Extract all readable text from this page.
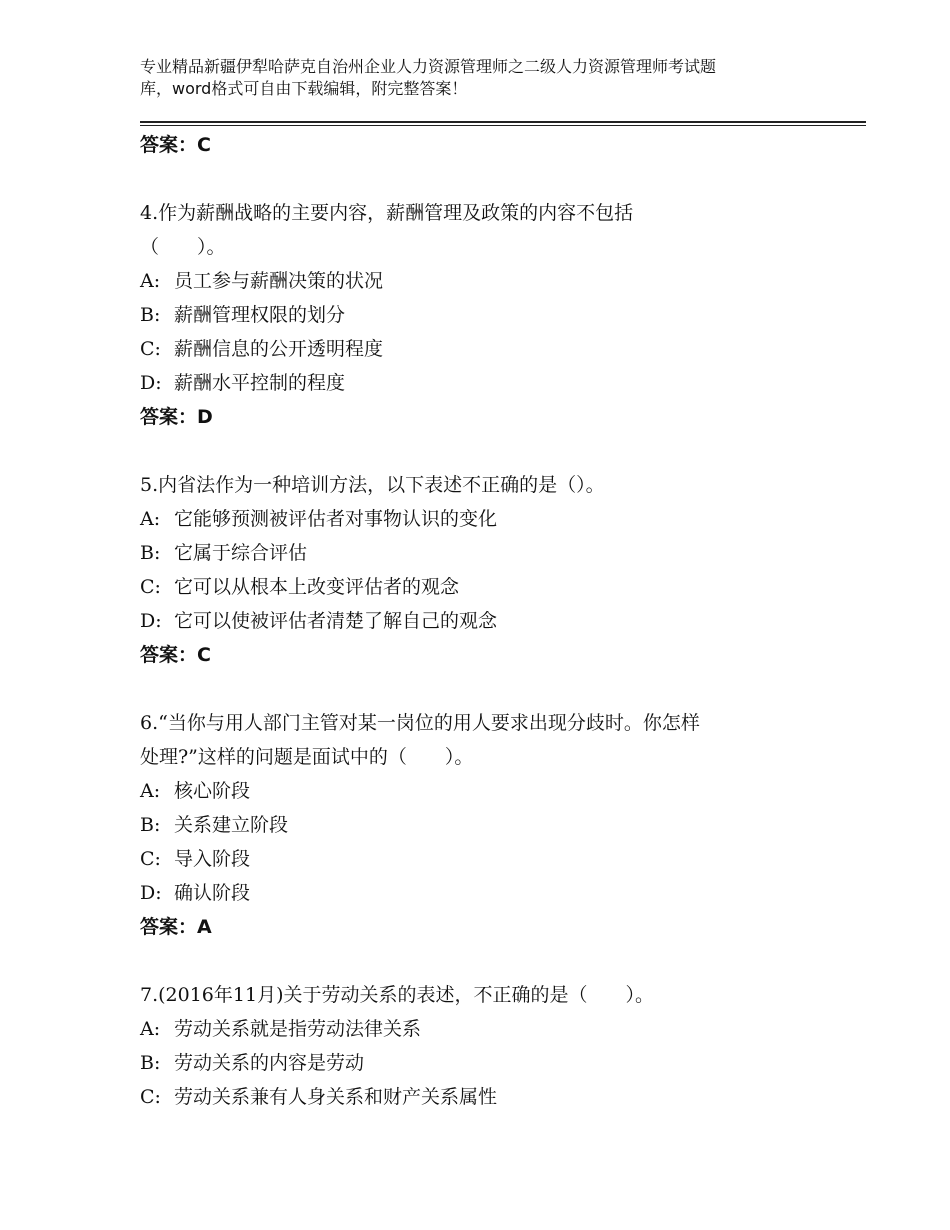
专业精品新疆伊犁哈萨克自治州企业人力资源管理师之二级人力资源管理师考试题
库，word格式可自由下载编辑，附完整答案！
答案：C
4.作为薪酬战略的主要内容，薪酬管理及政策的内容不包括
（　　）。
A: 员工参与薪酬决策的状况
B: 薪酬管理权限的划分
C: 薪酬信息的公开透明程度
D: 薪酬水平控制的程度
答案：D
5.内省法作为一种培训方法，以下表述不正确的是（）。
A: 它能够预测被评估者对事物认识的变化
B: 它属于综合评估
C: 它可以从根本上改变评估者的观念
D: 它可以使被评估者清楚了解自己的观念
答案：C
6.“当你与用人部门主管对某一岗位的用人要求出现分歧时。你怎样
处理?”这样的问题是面试中的（　　）。
A: 核心阶段
B: 关系建立阶段
C: 导入阶段
D: 确认阶段
答案：A
7.(2016年11月)关于劳动关系的表述，不正确的是（　　）。
A: 劳动关系就是指劳动法律关系
B: 劳动关系的内容是劳动
C: 劳动关系兼有人身关系和财产关系属性
